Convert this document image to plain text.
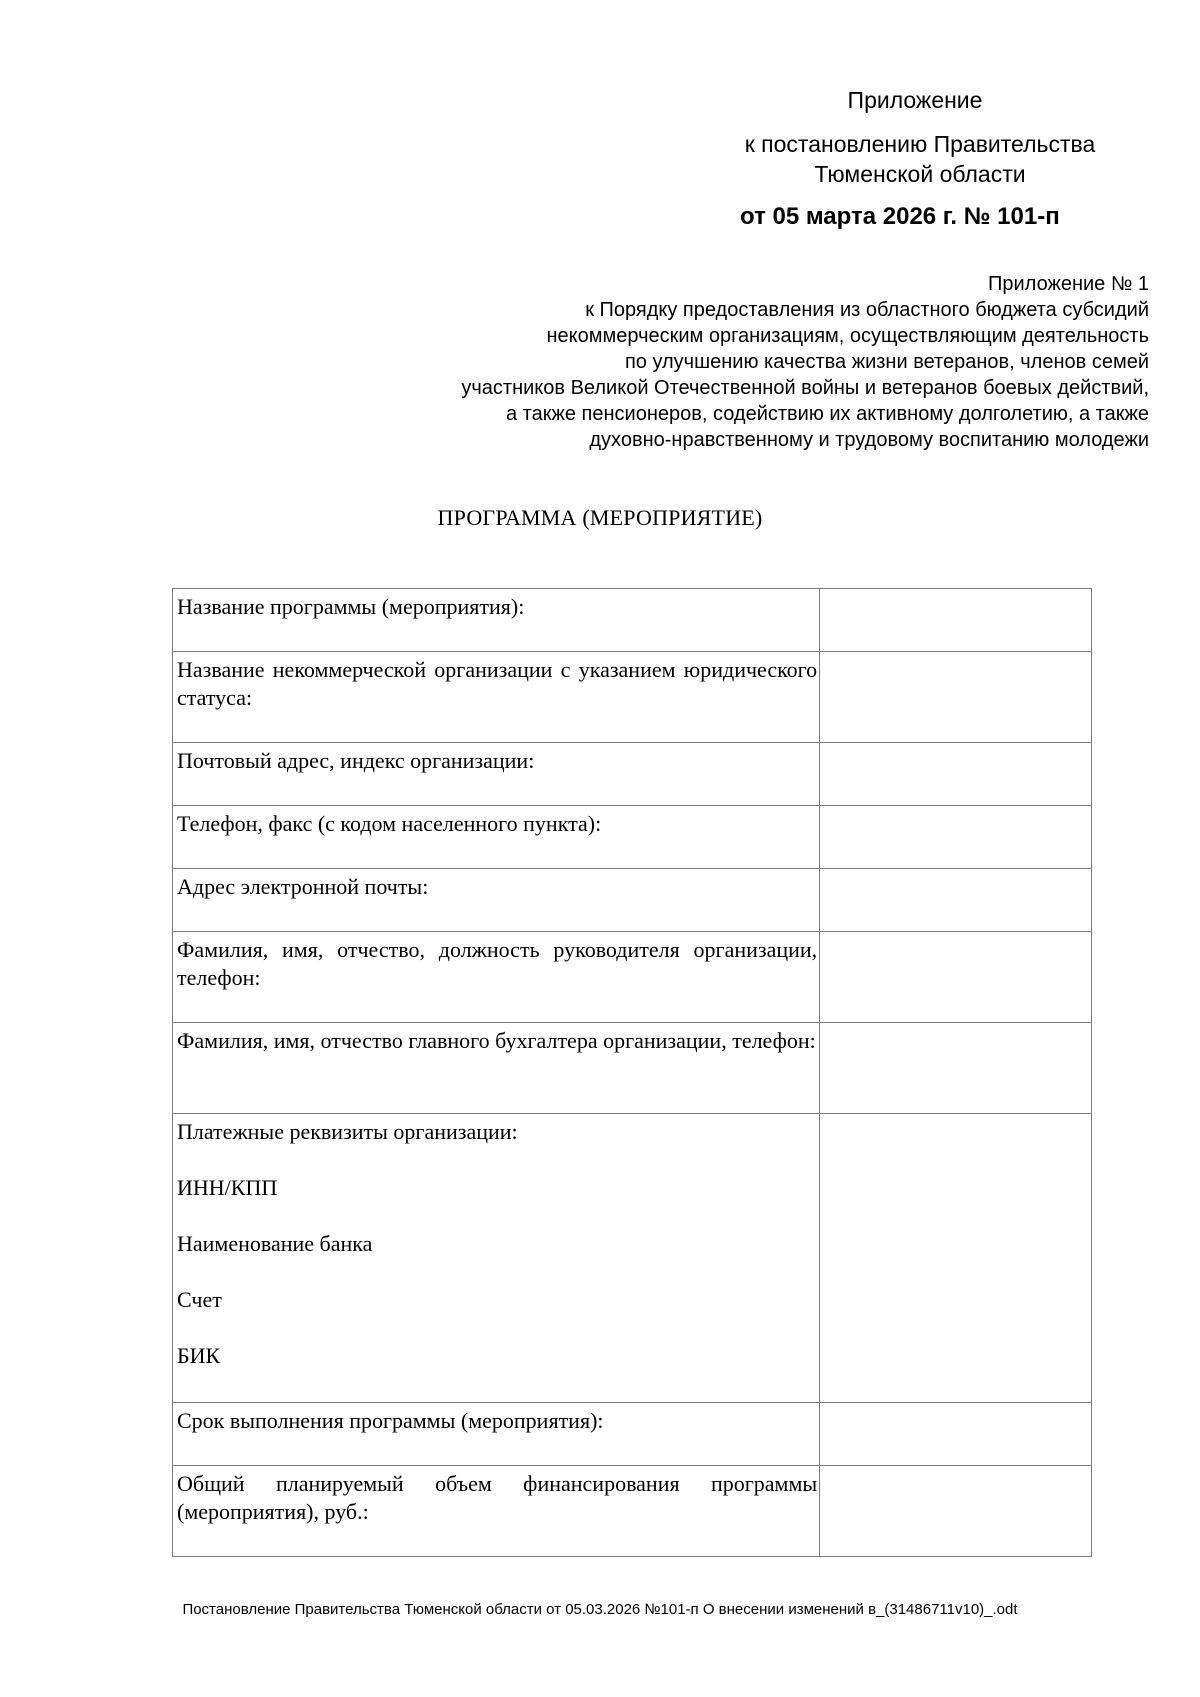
Приложение
к постановлению Правительства
Тюменской области
от 05 марта 2026 г. № 101-п
Приложение № 1
к Порядку предоставления из областного бюджета субсидий
некоммерческим организациям, осуществляющим деятельность
по улучшению качества жизни ветеранов, членов семей
участников Великой Отечественной войны и ветеранов боевых действий,
а также пенсионеров, содействию их активному долголетию, а также
духовно-нравственному и трудовому воспитанию молодежи
ПРОГРАММА (МЕРОПРИЯТИЕ)
Название программы (мероприятия):	
Название некоммерческой организации с указанием юридического статуса:	
Почтовый адрес, индекс организации:	
Телефон, факс (с кодом населенного пункта):	
Адрес электронной почты:	
Фамилия, имя, отчество, должность руководителя организации, телефон:	
Фамилия, имя, отчество главного бухгалтера организации, телефон:	
Платежные реквизиты организации:
ИНН/КПП
Наименование банка
Счет
БИК	

Срок выполнения программы (мероприятия):	
Общий планируемый объем финансирования программы (мероприятия), руб.:	
Постановление Правительства Тюменской области от 05.03.2026 №101-п О внесении изменений в_(31486711v10)_.odt
